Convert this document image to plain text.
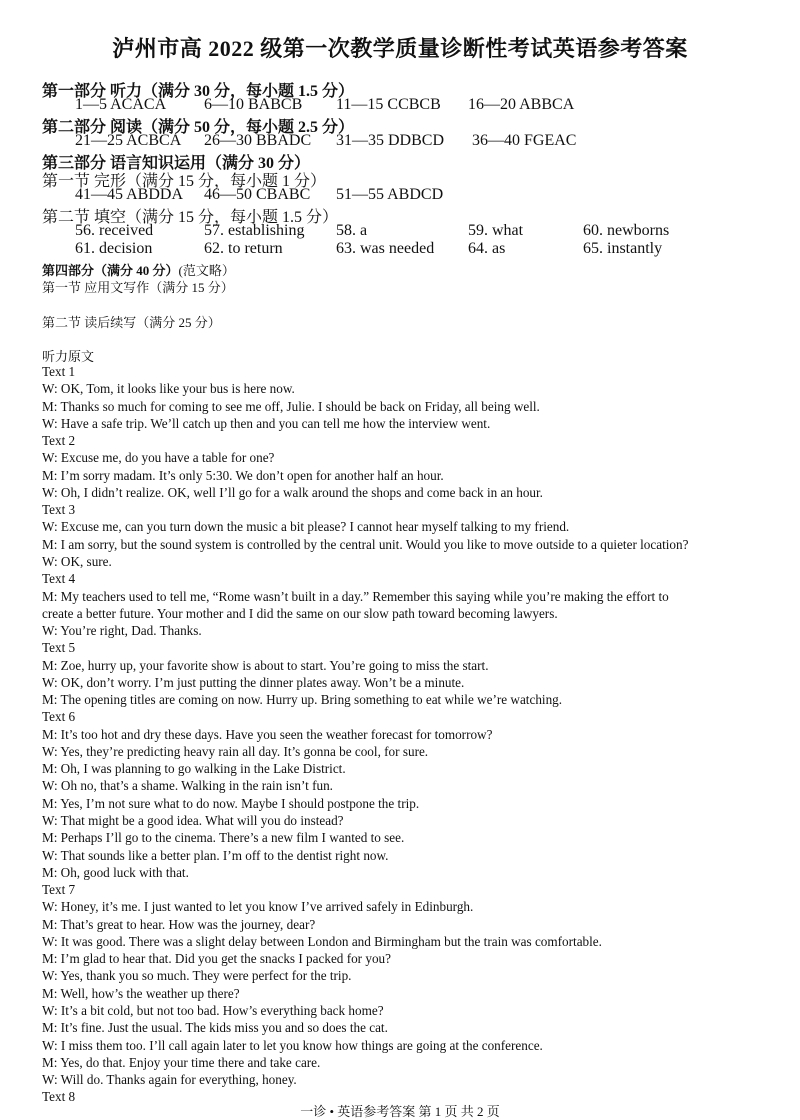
泸州市高 2022 级第一次教学质量诊断性考试英语参考答案
第一部分 听力（满分 30 分，每小题 1.5 分）
1—5 ACACA 6—10 BABCB 11—15 CCBCB 16—20 ABBCA
第二部分 阅读（满分 50 分，每小题 2.5 分）
21—25 ACBCA 26—30 BBADC 31—35 DDBCD 36—40 FGEAC
第三部分 语言知识运用（满分 30 分）
第一节 完形（满分 15 分，每小题 1 分）
41—45 ABDDA 46—50 CBABC 51—55 ABDCD
第二节 填空（满分 15 分，每小题 1.5 分）
56. received	57. establishing 58. a	59. what	60. newborns
61. decision	62. to return	63. was needed 64. as	65. instantly
第四部分（满分 40 分）(范文略）
第一节 应用文写作（满分 15 分）
第二节 读后续写（满分 25 分）
听力原文
Text 1
W: OK, Tom, it looks like your bus is here now.
M: Thanks so much for coming to see me off, Julie. I should be back on Friday, all being well.
W: Have a safe trip. We’ll catch up then and you can tell me how the interview went.
Text 2
W: Excuse me, do you have a table for one?
M: I’m sorry madam. It’s only 5:30. We don’t open for another half an hour.
W: Oh, I didn’t realize. OK, well I’ll go for a walk around the shops and come back in an hour.
Text 3
W: Excuse me, can you turn down the music a bit please? I cannot hear myself talking to my friend.
M: I am sorry, but the sound system is controlled by the central unit. Would you like to move outside to a quieter location?
W: OK, sure.
Text 4
M: My teachers used to tell me, “Rome wasn’t built in a day.” Remember this saying while you’re making the effort to
create a better future. Your mother and I did the same on our slow path toward becoming lawyers.
W: You’re right, Dad. Thanks.
Text 5
M: Zoe, hurry up, your favorite show is about to start. You’re going to miss the start.
W: OK, don’t worry. I’m just putting the dinner plates away. Won’t be a minute.
M: The opening titles are coming on now. Hurry up. Bring something to eat while we’re watching.
Text 6
M: It’s too hot and dry these days. Have you seen the weather forecast for tomorrow?
W: Yes, they’re predicting heavy rain all day. It’s gonna be cool, for sure.
M: Oh, I was planning to go walking in the Lake District.
W: Oh no, that’s a shame. Walking in the rain isn’t fun.
M: Yes, I’m not sure what to do now. Maybe I should postpone the trip.
W: That might be a good idea. What will you do instead?
M: Perhaps I’ll go to the cinema. There’s a new film I wanted to see.
W: That sounds like a better plan. I’m off to the dentist right now.
M: Oh, good luck with that.
Text 7
W: Honey, it’s me. I just wanted to let you know I’ve arrived safely in Edinburgh.
M: That’s great to hear. How was the journey, dear?
W: It was good. There was a slight delay between London and Birmingham but the train was comfortable.
M: I’m glad to hear that. Did you get the snacks I packed for you?
W: Yes, thank you so much. They were perfect for the trip.
M: Well, how’s the weather up there?
W: It’s a bit cold, but not too bad. How’s everything back home?
M: It’s fine. Just the usual. The kids miss you and so does the cat.
W: I miss them too. I’ll call again later to let you know how things are going at the conference.
M: Yes, do that. Enjoy your time there and take care.
W: Will do. Thanks again for everything, honey.
Text 8
一诊 • 英语参考答案 第 1 页 共 2 页
